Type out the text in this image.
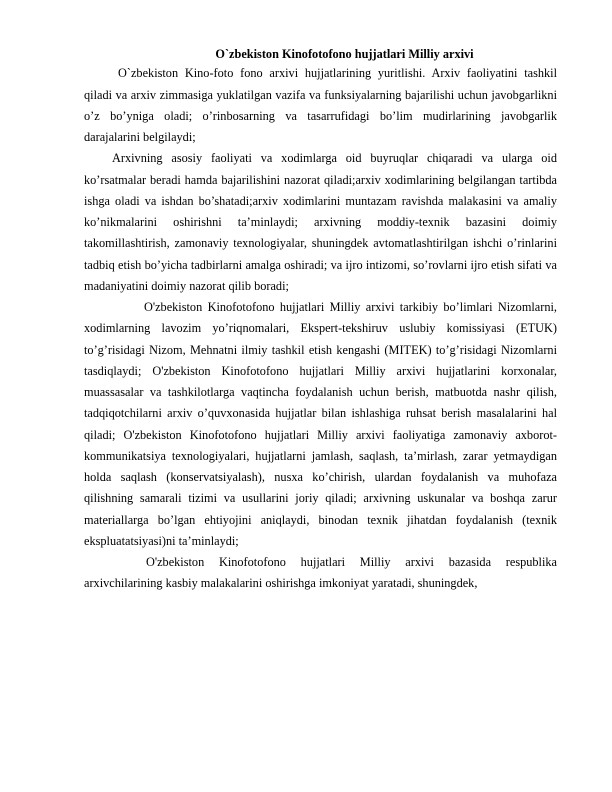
O`zbekiston Kinofotofono hujjatlari Milliy arxivi

O`zbekiston Kino-foto fono arxivi hujjatlarining yuritlishi. Arxiv faoliyatini tashkil qiladi va arxiv zimmasiga yuklatilgan vazifa va funksiyalarning bajarilishi uchun javobgarlikni o’z bo’yniga oladi; o’rinbosarning va tasarrufidagi bo’lim mudirlarining javobgarlik darajalarini belgilaydi;

Arxivning asosiy faoliyati va xodimlarga oid buyruqlar chiqaradi va ularga oid ko’rsatmalar beradi hamda bajarilishini nazorat qiladi;arxiv xodimlarining belgilangan tartibda ishga oladi va ishdan bo’shatadi;arxiv xodimlarini muntazam ravishda malakasini va amaliy ko’nikmalarini oshirishni ta’minlaydi; arxivning moddiy-texnik bazasini doimiy takomillashtirish, zamonaviy texnologiyalar, shuningdek avtomatlashtirilgan ishchi o’rinlarini tadbiq etish bo’yicha tadbirlarni amalga oshiradi; va ijro intizomi, so’rovlarni ijro etish sifati va madaniyatini doimiy nazorat qilib boradi;

O'zbekiston Kinofotofono hujjatlari Milliy arxivi tarkibiy bo’limlari Nizomlarni, xodimlarning lavozim yo’riqnomalari, Ekspert-tekshiruv uslubiy komissiyasi (ETUK) to’g’risidagi Nizom, Mehnatni ilmiy tashkil etish kengashi (MITEK) to’g’risidagi Nizomlarni tasdiqlaydi; O'zbekiston Kinofotofono hujjatlari Milliy arxivi hujjatlarini korxonalar, muassasalar va tashkilotlarga vaqtincha foydalanish uchun berish, matbuotda nashr qilish, tadqiqotchilarni arxiv o’quvxonasida hujjatlar bilan ishlashiga ruhsat berish masalalarini hal qiladi; O'zbekiston Kinofotofono hujjatlari Milliy arxivi faoliyatiga zamonaviy axborot-kommunikatsiya texnologiyalari, hujjatlarni jamlash, saqlash, ta’mirlash, zarar yetmaydigan holda saqlash (konservatsiyalash), nusxa ko’chirish, ulardan foydalanish va muhofaza qilishning samarali tizimi va usullarini joriy qiladi; arxivning uskunalar va boshqa zarur materiallarga bo’lgan ehtiyojini aniqlaydi, binodan texnik jihatdan foydalanish (texnik ekspluatatsiyasi)ni ta’minlaydi;

O'zbekiston Kinofotofono hujjatlari Milliy arxivi bazasida respublika arxivchilarining kasbiy malakalarini oshirishga imkoniyat yaratadi, shuningdek,
